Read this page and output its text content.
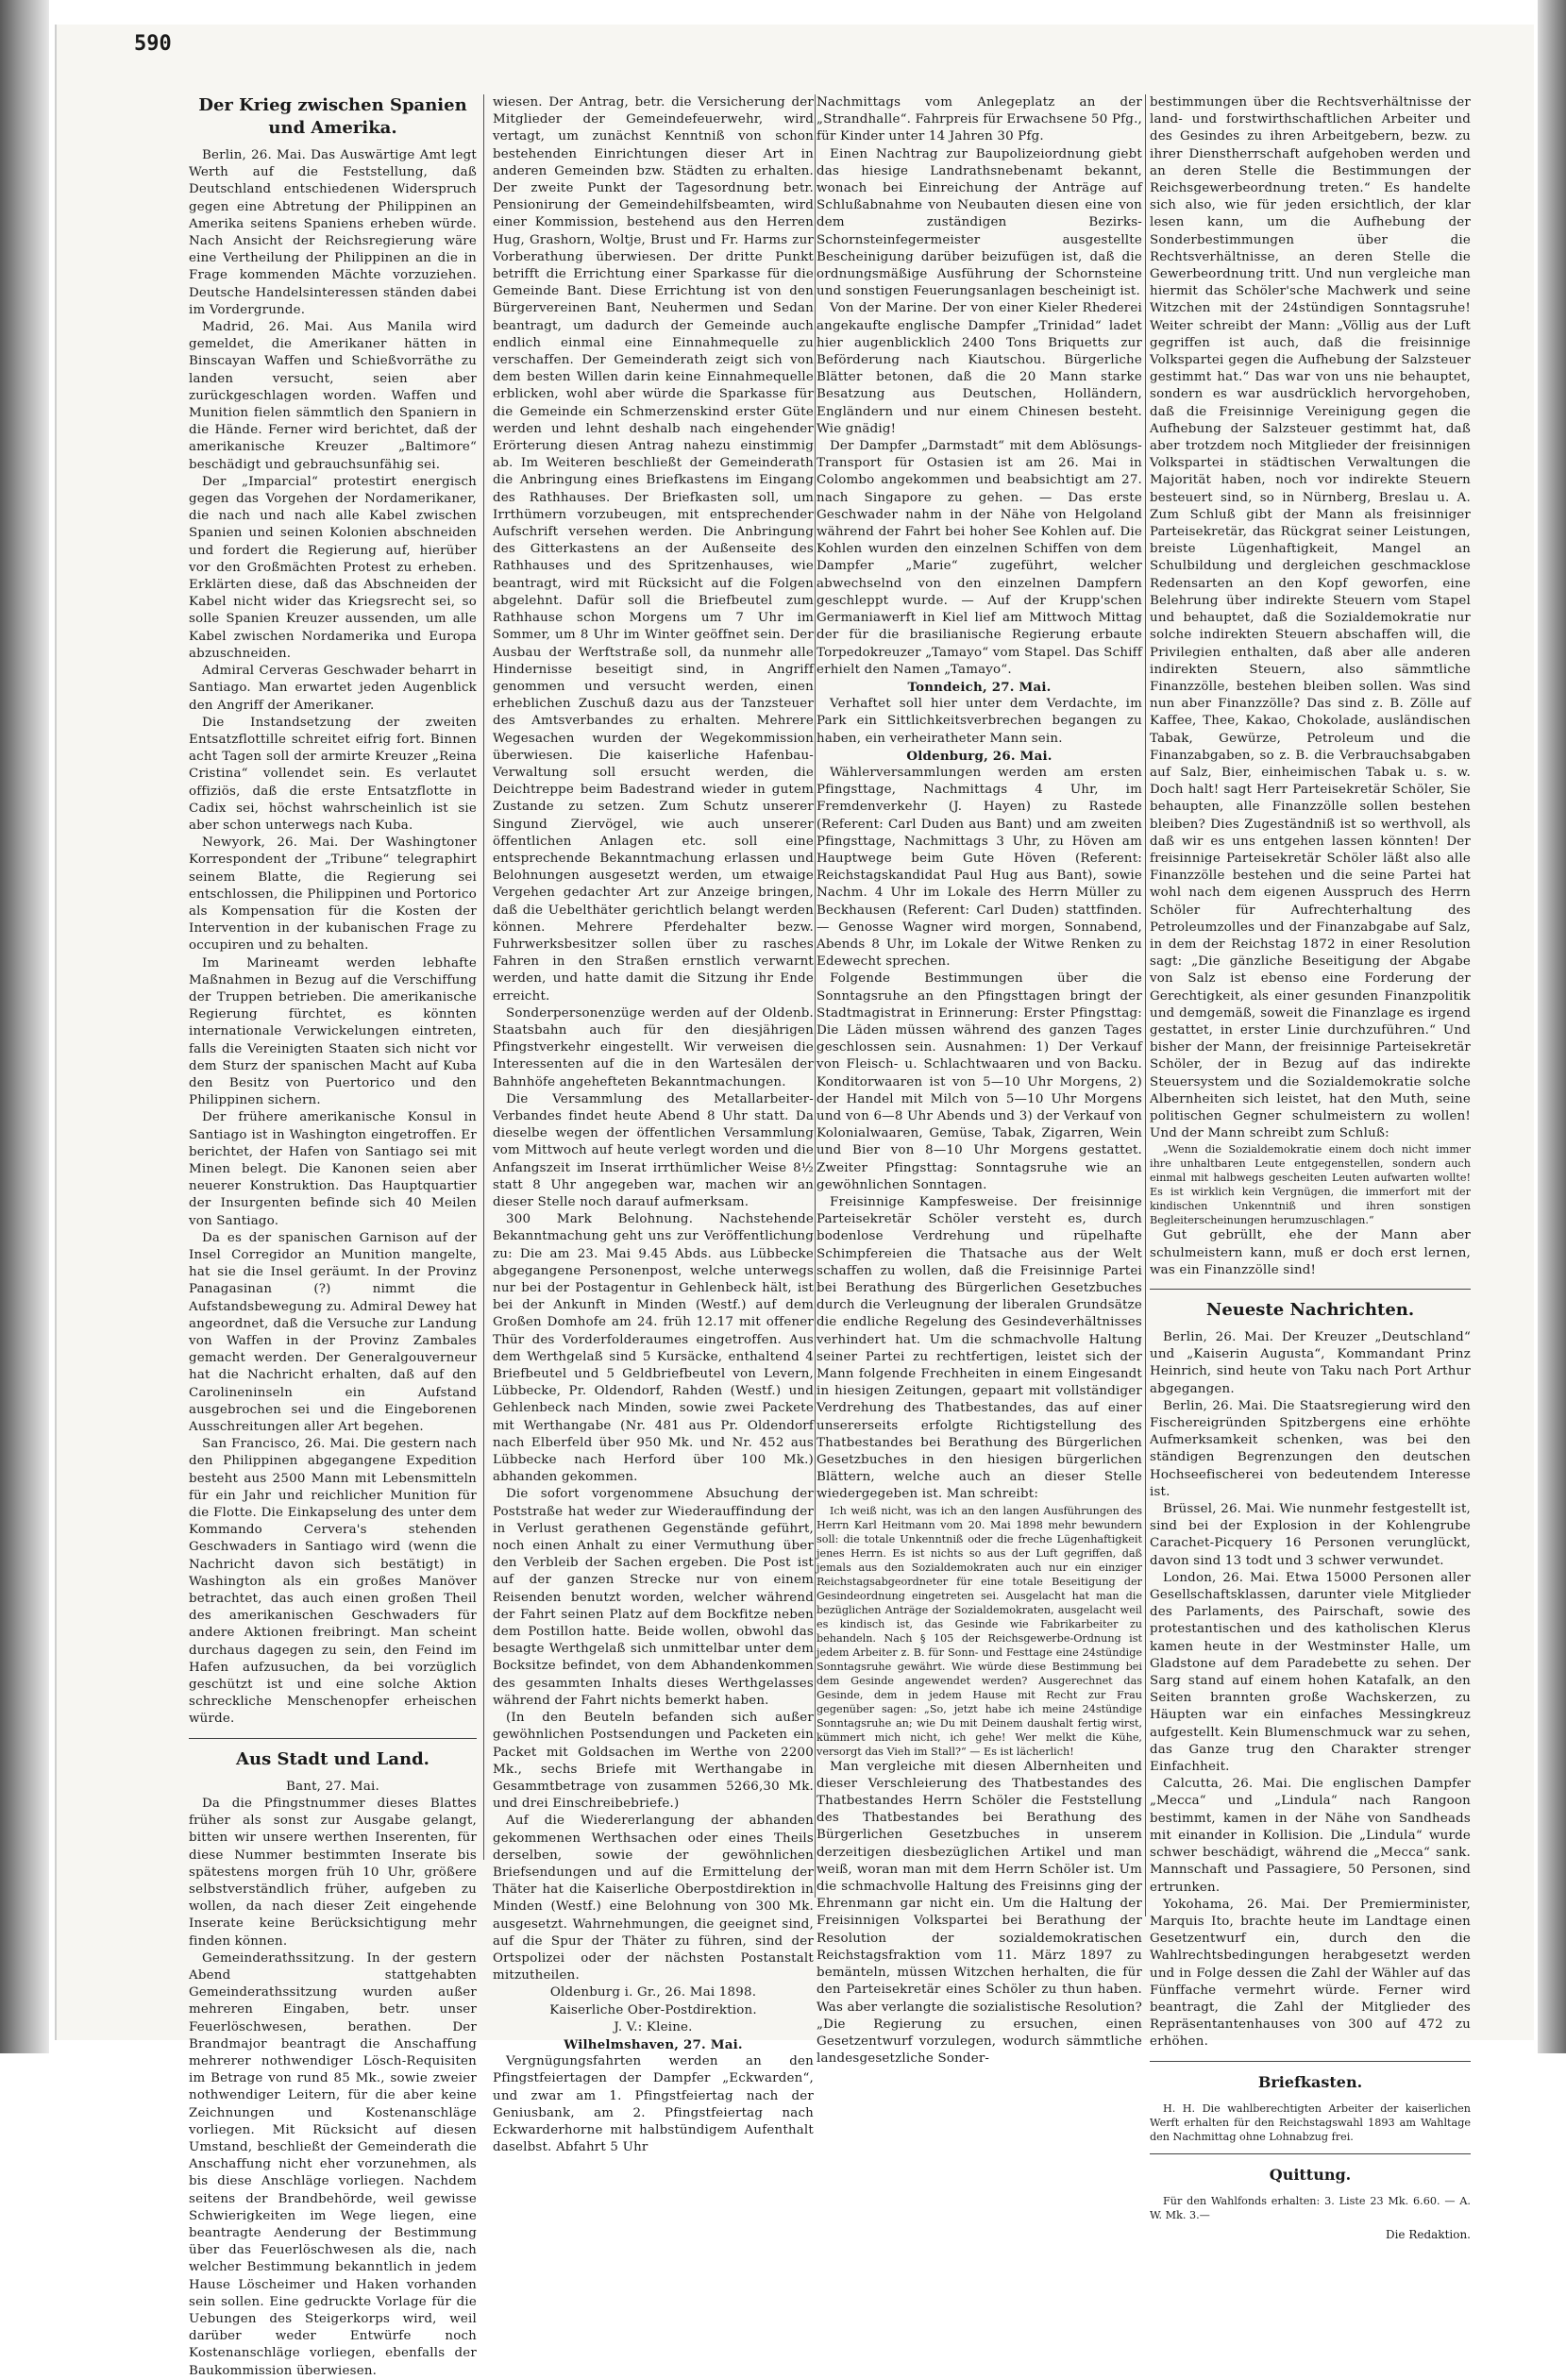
590
Der Krieg zwischen Spanien und Amerika.

Berlin, 26. Mai. Das Auswärtige Amt legt Werth auf die Feststellung, daß Deutschland entschiedenen Widerspruch gegen eine Abtretung der Philippinen an Amerika seitens Spaniens erheben würde. Nach Ansicht der Reichsregierung wäre eine Vertheilung der Philippinen an die in Frage kommenden Mächte vorzuziehen. Deutsche Handelsinteressen ständen dabei im Vordergrunde.

Madrid, 26. Mai. Aus Manila wird gemeldet, die Amerikaner hätten in Binscayan Waffen und Schießvorräthe zu landen versucht, seien aber zurückgeschlagen worden. Waffen und Munition fielen sämmtlich den Spaniern in die Hände. Ferner wird berichtet, daß der amerikanische Kreuzer „Baltimore“ beschädigt und gebrauchsunfähig sei.

Der „Imparcial“ protestirt energisch gegen das Vorgehen der Nordamerikaner, die nach und nach alle Kabel zwischen Spanien und seinen Kolonien abschneiden und fordert die Regierung auf, hierüber vor den Großmächten Protest zu erheben. Erklärten diese, daß das Abschneiden der Kabel nicht wider das Kriegsrecht sei, so solle Spanien Kreuzer aussenden, um alle Kabel zwischen Nordamerika und Europa abzuschneiden.

Admiral Cerveras Geschwader beharrt in Santiago. Man erwartet jeden Augenblick den Angriff der Amerikaner.

Die Instandsetzung der zweiten Entsatzflottille schreitet eifrig fort. Binnen acht Tagen soll der armirte Kreuzer „Reina Cristina“ vollendet sein. Es verlautet offiziös, daß die erste Entsatzflotte in Cadix sei, höchst wahrscheinlich ist sie aber schon unterwegs nach Kuba.

Newyork, 26. Mai. Der Washingtoner Korrespondent der „Tribune“ telegraphirt seinem Blatte, die Regierung sei entschlossen, die Philippinen und Portorico als Kompensation für die Kosten der Intervention in der kubanischen Frage zu occupiren und zu behalten.

Im Marineamt werden lebhafte Maßnahmen in Bezug auf die Verschiffung der Truppen betrieben. Die amerikanische Regierung fürchtet, es könnten internationale Verwickelungen eintreten, falls die Vereinigten Staaten sich nicht vor dem Sturz der spanischen Macht auf Kuba den Besitz von Puertorico und den Philippinen sichern.

Der frühere amerikanische Konsul in Santiago ist in Washington eingetroffen. Er berichtet, der Hafen von Santiago sei mit Minen belegt. Die Kanonen seien aber neuerer Konstruktion. Das Hauptquartier der Insurgenten befinde sich 40 Meilen von Santiago.

Da es der spanischen Garnison auf der Insel Corregidor an Munition mangelte, hat sie die Insel geräumt. In der Provinz Panagasinan (?) nimmt die Aufstandsbewegung zu. Admiral Dewey hat angeordnet, daß die Versuche zur Landung von Waffen in der Provinz Zambales gemacht werden. Der Generalgouverneur hat die Nachricht erhalten, daß auf den Carolineninseln ein Aufstand ausgebrochen sei und die Eingeborenen Ausschreitungen aller Art begehen.

San Francisco, 26. Mai. Die gestern nach den Philippinen abgegangene Expedition besteht aus 2500 Mann mit Lebensmitteln für ein Jahr und reichlicher Munition für die Flotte. Die Einkapselung des unter dem Kommando Cervera's stehenden Geschwaders in Santiago wird (wenn die Nachricht davon sich bestätigt) in Washington als ein großes Manöver betrachtet, das auch einen großen Theil des amerikanischen Geschwaders für andere Aktionen freibringt. Man scheint durchaus dagegen zu sein, den Feind im Hafen aufzusuchen, da bei vorzüglich geschützt ist und eine solche Aktion schreckliche Menschenopfer erheischen würde.

Aus Stadt und Land.

Bant, 27. Mai.

Da die Pfingstnummer dieses Blattes früher als sonst zur Ausgabe gelangt, bitten wir unsere werthen Inserenten, für diese Nummer bestimmten Inserate bis spätestens morgen früh 10 Uhr, größere selbstverständlich früher, aufgeben zu wollen, da nach dieser Zeit eingehende Inserate keine Berücksichtigung mehr finden können.

Gemeinderathssitzung. In der gestern Abend stattgehabten Gemeinderathssitzung wurden außer mehreren Eingaben, betr. unser Feuerlöschwesen, berathen. Der Brandmajor beantragt die Anschaffung mehrerer nothwendiger Lösch-Requisiten im Betrage von rund 85 Mk., sowie zweier nothwendiger Leitern, für die aber keine Zeichnungen und Kostenanschläge vorliegen. Mit Rücksicht auf diesen Umstand, beschließt der Gemeinderath die Anschaffung nicht eher vorzunehmen, als bis diese Anschläge vorliegen. Nachdem seitens der Brandbehörde, weil gewisse Schwierigkeiten im Wege liegen, eine beantragte Aenderung der Bestimmung über das Feuerlöschwesen als die, nach welcher Bestimmung bekanntlich in jedem Hause Löscheimer und Haken vorhanden sein sollen. Eine gedruckte Vorlage für die Uebungen des Steigerkorps wird, weil darüber weder Entwürfe noch Kostenanschläge vorliegen, ebenfalls der Baukommission überwiesen.

wiesen. Der Antrag, betr. die Versicherung der Mitglieder der Gemeindefeuerwehr, wird vertagt, um zunächst Kenntniß von schon bestehenden Einrichtungen dieser Art in anderen Gemeinden bzw. Städten zu erhalten. Der zweite Punkt der Tagesordnung betr. Pensionirung der Gemeindehilfsbeamten, wird einer Kommission, bestehend aus den Herren Hug, Grashorn, Woltje, Brust und Fr. Harms zur Vorberathung überwiesen. Der dritte Punkt betrifft die Errichtung einer Sparkasse für die Gemeinde Bant. Diese Errichtung ist von den Bürgervereinen Bant, Neuhermen und Sedan beantragt, um dadurch der Gemeinde auch endlich einmal eine Einnahmequelle zu verschaffen. Der Gemeinderath zeigt sich von dem besten Willen darin keine Einnahmequelle erblicken, wohl aber würde die Sparkasse für die Gemeinde ein Schmerzenskind erster Güte werden und lehnt deshalb nach eingehender Erörterung diesen Antrag nahezu einstimmig ab. Im Weiteren beschließt der Gemeinderath die Anbringung eines Briefkastens im Eingang des Rathhauses. Der Briefkasten soll, um Irrthümern vorzubeugen, mit entsprechender Aufschrift versehen werden. Die Anbringung des Gitterkastens an der Außenseite des Rathhauses und des Spritzenhauses, wie beantragt, wird mit Rücksicht auf die Folgen abgelehnt. Dafür soll die Briefbeutel zum Rathhause schon Morgens um 7 Uhr im Sommer, um 8 Uhr im Winter geöffnet sein. Der Ausbau der Werftstraße soll, da nunmehr alle Hindernisse beseitigt sind, in Angriff genommen und versucht werden, einen erheblichen Zuschuß dazu aus der Tanzsteuer des Amtsverbandes zu erhalten. Mehrere Wegesachen wurden der Wegekommission überwiesen. Die kaiserliche Hafenbau-Verwaltung soll ersucht werden, die Deichtreppe beim Badestrand wieder in gutem Zustande zu setzen. Zum Schutz unserer Singund Ziervögel, wie auch unserer öffentlichen Anlagen etc. soll eine entsprechende Bekanntmachung erlassen und Belohnungen ausgesetzt werden, um etwaige Vergehen gedachter Art zur Anzeige bringen, daß die Uebelthäter gerichtlich belangt werden können. Mehrere Pferdehalter bezw. Fuhrwerksbesitzer sollen über zu rasches Fahren in den Straßen ernstlich verwarnt werden, und hatte damit die Sitzung ihr Ende erreicht.

Sonderpersonenzüge werden auf der Oldenb. Staatsbahn auch für den diesjährigen Pfingstverkehr eingestellt. Wir verweisen die Interessenten auf die in den Wartesälen der Bahnhöfe angehefteten Bekanntmachungen.

Die Versammlung des Metallarbeiter-Verbandes findet heute Abend 8 Uhr statt. Da dieselbe wegen der öffentlichen Versammlung vom Mittwoch auf heute verlegt worden und die Anfangszeit im Inserat irrthümlicher Weise 8½ statt 8 Uhr angegeben war, machen wir an dieser Stelle noch darauf aufmerksam.

300 Mark Belohnung. Nachstehende Bekanntmachung geht uns zur Veröffentlichung zu: Die am 23. Mai 9.45 Abds. aus Lübbecke abgegangene Personenpost, welche unterwegs nur bei der Postagentur in Gehlenbeck hält, ist bei der Ankunft in Minden (Westf.) auf dem Großen Domhofe am 24. früh 12.17 mit offener Thür des Vorderfolderaumes eingetroffen. Aus dem Werthgelaß sind 5 Kursäcke, enthaltend 4 Briefbeutel und 5 Geldbriefbeutel von Levern, Lübbecke, Pr. Oldendorf, Rahden (Westf.) und Gehlenbeck nach Minden, sowie zwei Packete mit Werthangabe (Nr. 481 aus Pr. Oldendorf nach Elberfeld über 950 Mk. und Nr. 452 aus Lübbecke nach Herford über 100 Mk.) abhanden gekommen.

Die sofort vorgenommene Absuchung der Poststraße hat weder zur Wiederauffindung der in Verlust gerathenen Gegenstände geführt, noch einen Anhalt zu einer Vermuthung über den Verbleib der Sachen ergeben. Die Post ist auf der ganzen Strecke nur von einem Reisenden benutzt worden, welcher während der Fahrt seinen Platz auf dem Bockfitze neben dem Postillon hatte. Beide wollen, obwohl das besagte Werthgelaß sich unmittelbar unter dem Bocksitze befindet, von dem Abhandenkommen des gesammten Inhalts dieses Werthgelasses während der Fahrt nichts bemerkt haben.

(In den Beuteln befanden sich außer gewöhnlichen Postsendungen und Packeten ein Packet mit Goldsachen im Werthe von 2200 Mk., sechs Briefe mit Werthangabe in Gesammtbetrage von zusammen 5266,30 Mk. und drei Einschreibebriefe.)

Auf die Wiedererlangung der abhanden gekommenen Werthsachen oder eines Theils derselben, sowie der gewöhnlichen Briefsendungen und auf die Ermittelung der Thäter hat die Kaiserliche Oberpostdirektion in Minden (Westf.) eine Belohnung von 300 Mk. ausgesetzt. Wahrnehmungen, die geeignet sind, auf die Spur der Thäter zu führen, sind der Ortspolizei oder der nächsten Postanstalt mitzutheilen.

Oldenburg i. Gr., 26. Mai 1898.

Kaiserliche Ober-Postdirektion.

J. V.: Kleine.

Wilhelmshaven, 27. Mai.

Vergnügungsfahrten werden an den Pfingstfeiertagen der Dampfer „Eckwarden“, und zwar am 1. Pfingstfeiertag nach der Geniusbank, am 2. Pfingstfeiertag nach Eckwarderhorne mit halbstündigem Aufenthalt daselbst. Abfahrt 5 Uhr

Nachmittags vom Anlegeplatz an der „Strandhalle“. Fahrpreis für Erwachsene 50 Pfg., für Kinder unter 14 Jahren 30 Pfg.

Einen Nachtrag zur Baupolizeiordnung giebt das hiesige Landrathsnebenamt bekannt, wonach bei Einreichung der Anträge auf Schlußabnahme von Neubauten diesen eine von dem zuständigen Bezirks-Schornsteinfegermeister ausgestellte Bescheinigung darüber beizufügen ist, daß die ordnungsmäßige Ausführung der Schornsteine und sonstigen Feuerungsanlagen bescheinigt ist.

Von der Marine. Der von einer Kieler Rhederei angekaufte englische Dampfer „Trinidad“ ladet hier augenblicklich 2400 Tons Briquetts zur Beförderung nach Kiautschou. Bürgerliche Blätter betonen, daß die 20 Mann starke Besatzung aus Deutschen, Holländern, Engländern und nur einem Chinesen besteht. Wie gnädig!

Der Dampfer „Darmstadt“ mit dem Ablösungs-Transport für Ostasien ist am 26. Mai in Colombo angekommen und beabsichtigt am 27. nach Singapore zu gehen. — Das erste Geschwader nahm in der Nähe von Helgoland während der Fahrt bei hoher See Kohlen auf. Die Kohlen wurden den einzelnen Schiffen von dem Dampfer „Marie“ zugeführt, welcher abwechselnd von den einzelnen Dampfern geschleppt wurde. — Auf der Krupp'schen Germaniawerft in Kiel lief am Mittwoch Mittag der für die brasilianische Regierung erbaute Torpedokreuzer „Tamayo“ vom Stapel. Das Schiff erhielt den Namen „Tamayo“.

Tonndeich, 27. Mai.

Verhaftet soll hier unter dem Verdachte, im Park ein Sittlichkeitsverbrechen begangen zu haben, ein verheiratheter Mann sein.

Oldenburg, 26. Mai.

Wählerversammlungen werden am ersten Pfingsttage, Nachmittags 4 Uhr, im Fremdenverkehr (J. Hayen) zu Rastede (Referent: Carl Duden aus Bant) und am zweiten Pfingsttage, Nachmittags 3 Uhr, zu Höven am Hauptwege beim Gute Höven (Referent: Reichstagskandidat Paul Hug aus Bant), sowie Nachm. 4 Uhr im Lokale des Herrn Müller zu Beckhausen (Referent: Carl Duden) stattfinden. — Genosse Wagner wird morgen, Sonnabend, Abends 8 Uhr, im Lokale der Witwe Renken zu Edewecht sprechen.

Folgende Bestimmungen über die Sonntagsruhe an den Pfingsttagen bringt der Stadtmagistrat in Erinnerung: Erster Pfingsttag: Die Läden müssen während des ganzen Tages geschlossen sein. Ausnahmen: 1) Der Verkauf von Fleisch- u. Schlachtwaaren und von Backu. Konditorwaaren ist von 5—10 Uhr Morgens, 2) der Handel mit Milch von 5—10 Uhr Morgens und von 6—8 Uhr Abends und 3) der Verkauf von Kolonialwaaren, Gemüse, Tabak, Zigarren, Wein und Bier von 8—10 Uhr Morgens gestattet. Zweiter Pfingsttag: Sonntagsruhe wie an gewöhnlichen Sonntagen.

Freisinnige Kampfesweise. Der freisinnige Parteisekretär Schöler versteht es, durch bodenlose Verdrehung und rüpelhafte Schimpfereien die Thatsache aus der Welt schaffen zu wollen, daß die Freisinnige Partei bei Berathung des Bürgerlichen Gesetzbuches durch die Verleugnung der liberalen Grundsätze die endliche Regelung des Gesindeverhältnisses verhindert hat. Um die schmachvolle Haltung seiner Partei zu rechtfertigen, leistet sich der Mann folgende Frechheiten in einem Eingesandt in hiesigen Zeitungen, gepaart mit vollständiger Verdrehung des Thatbestandes, das auf einer unsererseits erfolgte Richtigstellung des Thatbestandes bei Berathung des Bürgerlichen Gesetzbuches in den hiesigen bürgerlichen Blättern, welche auch an dieser Stelle wiedergegeben ist. Man schreibt:

Ich weiß nicht, was ich an den langen Ausführungen des Herrn Karl Heitmann vom 20. Mai 1898 mehr bewundern soll: die totale Unkenntniß oder die freche Lügenhaftigkeit jenes Herrn. Es ist nichts so aus der Luft gegriffen, daß jemals aus den Sozialdemokraten auch nur ein einziger Reichstagsabgeordneter für eine totale Beseitigung der Gesindeordnung eingetreten sei. Ausgelacht hat man die bezüglichen Anträge der Sozialdemokraten, ausgelacht weil es kindisch ist, das Gesinde wie Fabrikarbeiter zu behandeln. Nach § 105 der Reichsgewerbe-Ordnung ist jedem Arbeiter z. B. für Sonn- und Festtage eine 24stündige Sonntagsruhe gewährt. Wie würde diese Bestimmung bei dem Gesinde angewendet werden? Ausgerechnet das Gesinde, dem in jedem Hause mit Recht zur Frau gegenüber sagen: „So, jetzt habe ich meine 24stündige Sonntagsruhe an; wie Du mit Deinem daushalt fertig wirst, kümmert mich nicht, ich gehe! Wer melkt die Kühe, versorgt das Vieh im Stall?“ — Es ist lächerlich!

Man vergleiche mit diesen Albernheiten und dieser Verschleierung des Thatbestandes des Thatbestandes Herrn Schöler die Feststellung des Thatbestandes bei Berathung des Bürgerlichen Gesetzbuches in unserem derzeitigen diesbezüglichen Artikel und man weiß, woran man mit dem Herrn Schöler ist. Um die schmachvolle Haltung des Freisinns ging der Ehrenmann gar nicht ein. Um die Haltung der Freisinnigen Volkspartei bei Berathung der Resolution der sozialdemokratischen Reichstagsfraktion vom 11. März 1897 zu bemänteln, müssen Witzchen herhalten, die für den Parteisekretär eines Schöler zu thun haben. Was aber verlangte die sozialistische Resolution? „Die Regierung zu ersuchen, einen Gesetzentwurf vorzulegen, wodurch sämmtliche landesgesetzliche Sonder-

bestimmungen über die Rechtsverhältnisse der land- und forstwirthschaftlichen Arbeiter und des Gesindes zu ihren Arbeitgebern, bezw. zu ihrer Dienstherrschaft aufgehoben werden und an deren Stelle die Bestimmungen der Reichsgewerbeordnung treten.“ Es handelte sich also, wie für jeden ersichtlich, der klar lesen kann, um die Aufhebung der Sonderbestimmungen über die Rechtsverhältnisse, an deren Stelle die Gewerbeordnung tritt. Und nun vergleiche man hiermit das Schöler'sche Machwerk und seine Witzchen mit der 24stündigen Sonntagsruhe! Weiter schreibt der Mann: „Völlig aus der Luft gegriffen ist auch, daß die freisinnige Volkspartei gegen die Aufhebung der Salzsteuer gestimmt hat.“ Das war von uns nie behauptet, sondern es war ausdrücklich hervorgehoben, daß die Freisinnige Vereinigung gegen die Aufhebung der Salzsteuer gestimmt hat, daß aber trotzdem noch Mitglieder der freisinnigen Volkspartei in städtischen Verwaltungen die Majorität haben, noch vor indirekte Steuern besteuert sind, so in Nürnberg, Breslau u. A. Zum Schluß gibt der Mann als freisinniger Parteisekretär, das Rückgrat seiner Leistungen, breiste Lügenhaftigkeit, Mangel an Schulbildung und dergleichen geschmacklose Redensarten an den Kopf geworfen, eine Belehrung über indirekte Steuern vom Stapel und behauptet, daß die Sozialdemokratie nur solche indirekten Steuern abschaffen will, die Privilegien enthalten, daß aber alle anderen indirekten Steuern, also sämmtliche Finanzzölle, bestehen bleiben sollen. Was sind nun aber Finanzzölle? Das sind z. B. Zölle auf Kaffee, Thee, Kakao, Chokolade, ausländischen Tabak, Gewürze, Petroleum und die Finanzabgaben, so z. B. die Verbrauchsabgaben auf Salz, Bier, einheimischen Tabak u. s. w. Doch halt! sagt Herr Parteisekretär Schöler, Sie behaupten, alle Finanzzölle sollen bestehen bleiben? Dies Zugeständniß ist so werthvoll, als daß wir es uns entgehen lassen könnten! Der freisinnige Parteisekretär Schöler läßt also alle Finanzzölle bestehen und die seine Partei hat wohl nach dem eigenen Ausspruch des Herrn Schöler für Aufrechterhaltung des Petroleumzolles und der Finanzabgabe auf Salz, in dem der Reichstag 1872 in einer Resolution sagt: „Die gänzliche Beseitigung der Abgabe von Salz ist ebenso eine Forderung der Gerechtigkeit, als einer gesunden Finanzpolitik und demgemäß, soweit die Finanzlage es irgend gestattet, in erster Linie durchzuführen.“ Und bisher der Mann, der freisinnige Parteisekretär Schöler, der in Bezug auf das indirekte Steuersystem und die Sozialdemokratie solche Albernheiten sich leistet, hat den Muth, seine politischen Gegner schulmeistern zu wollen! Und der Mann schreibt zum Schluß:

„Wenn die Sozialdemokratie einem doch nicht immer ihre unhaltbaren Leute entgegenstellen, sondern auch einmal mit halbwegs gescheiten Leuten aufwarten wollte! Es ist wirklich kein Vergnügen, die immerfort mit der kindischen Unkenntniß und ihren sonstigen Begleiterscheinungen herumzuschlagen.“

Gut gebrüllt, ehe der Mann aber schulmeistern kann, muß er doch erst lernen, was ein Finanzzölle sind!

Neueste Nachrichten.

Berlin, 26. Mai. Der Kreuzer „Deutschland“ und „Kaiserin Augusta“, Kommandant Prinz Heinrich, sind heute von Taku nach Port Arthur abgegangen.

Berlin, 26. Mai. Die Staatsregierung wird den Fischereigründen Spitzbergens eine erhöhte Aufmerksamkeit schenken, was bei den ständigen Begrenzungen den deutschen Hochseefischerei von bedeutendem Interesse ist.

Brüssel, 26. Mai. Wie nunmehr festgestellt ist, sind bei der Explosion in der Kohlengrube Carachet-Picquery 16 Personen verunglückt, davon sind 13 todt und 3 schwer verwundet.

London, 26. Mai. Etwa 15000 Personen aller Gesellschaftsklassen, darunter viele Mitglieder des Parlaments, des Pairschaft, sowie des protestantischen und des katholischen Klerus kamen heute in der Westminster Halle, um Gladstone auf dem Paradebette zu sehen. Der Sarg stand auf einem hohen Katafalk, an den Seiten brannten große Wachskerzen, zu Häupten war ein einfaches Messingkreuz aufgestellt. Kein Blumenschmuck war zu sehen, das Ganze trug den Charakter strenger Einfachheit.

Calcutta, 26. Mai. Die englischen Dampfer „Mecca“ und „Lindula“ nach Rangoon bestimmt, kamen in der Nähe von Sandheads mit einander in Kollision. Die „Lindula“ wurde schwer beschädigt, während die „Mecca“ sank. Mannschaft und Passagiere, 50 Personen, sind ertrunken.

Yokohama, 26. Mai. Der Premierminister, Marquis Ito, brachte heute im Landtage einen Gesetzentwurf ein, durch den die Wahlrechtsbedingungen herabgesetzt werden und in Folge dessen die Zahl der Wähler auf das Fünffache vermehrt würde. Ferner wird beantragt, die Zahl der Mitglieder des Repräsentantenhauses von 300 auf 472 zu erhöhen.

Briefkasten.

H. H. Die wahlberechtigten Arbeiter der kaiserlichen Werft erhalten für den Reichstagswahl 1893 am Wahltage den Nachmittag ohne Lohnabzug frei.

Quittung.

Für den Wahlfonds erhalten: 3. Liste 23 Mk. 6.60. — A. W. Mk. 3.—

Die Redaktion.
